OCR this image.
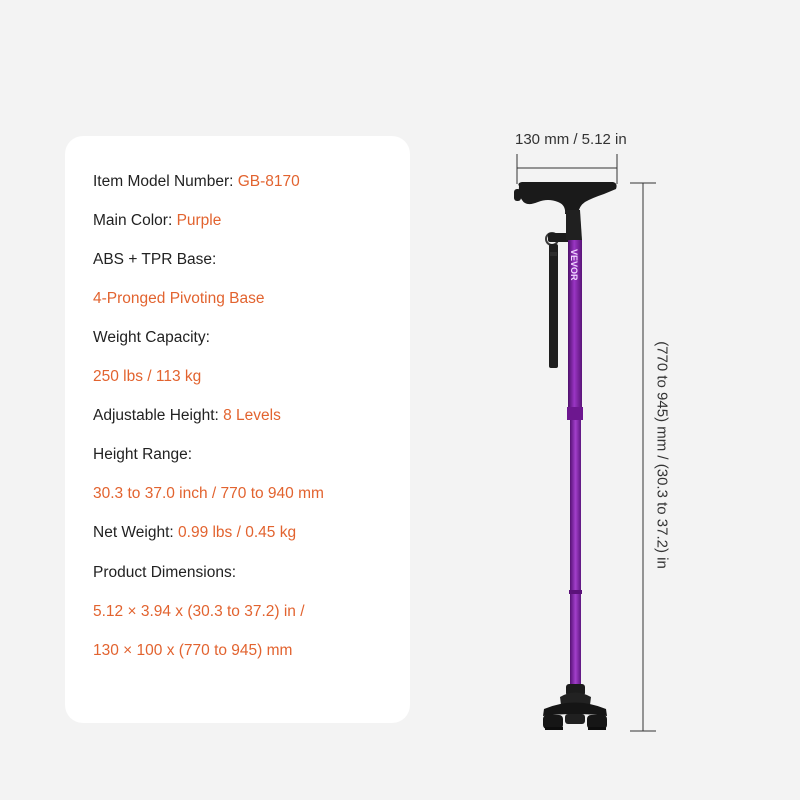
Item Model Number: GB-8170
Main Color: Purple
ABS + TPR Base:
4-Pronged Pivoting Base
Weight Capacity:
250 lbs / 113 kg
Adjustable Height: 8 Levels
Height Range:
30.3 to 37.0 inch / 770 to 940 mm
Net Weight: 0.99 lbs / 0.45 kg
Product Dimensions:
5.12 × 3.94 x (30.3 to 37.2) in /
130 × 100 x (770 to 945) mm
VEVOR
130 mm / 5.12 in
(770 to 945) mm / (30.3 to 37.2) in
